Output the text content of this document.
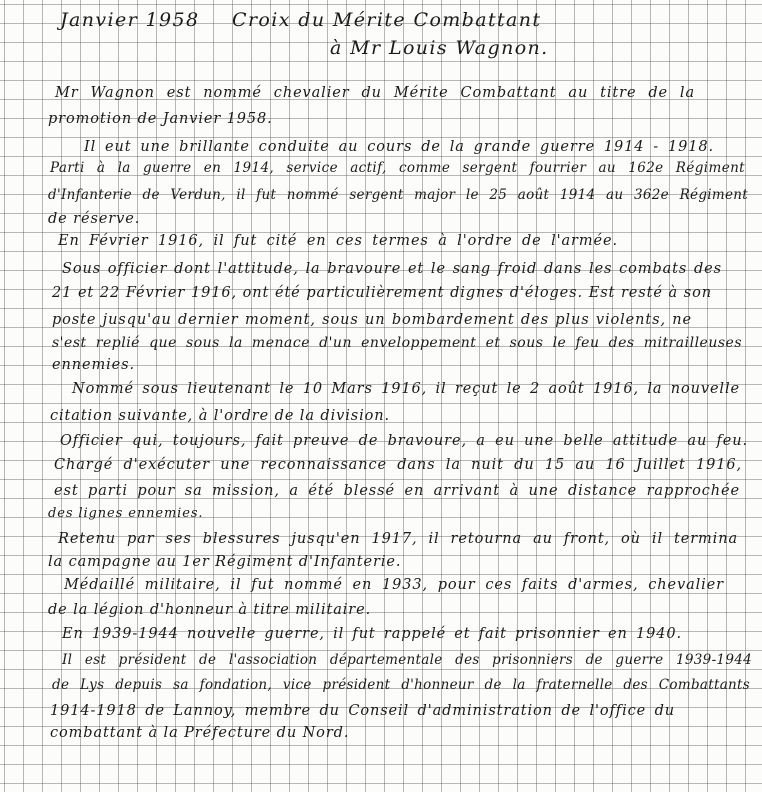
Janvier 1958 Croix du Mérite Combattant
à Mr Louis Wagnon.
Mr Wagnon est nommé chevalier du Mérite Combattant au titre de la
promotion de Janvier 1958.
Il eut une brillante conduite au cours de la grande guerre 1914 - 1918.
Parti à la guerre en 1914, service actif, comme sergent fourrier au 162e Régiment
d'Infanterie de Verdun, il fut nommé sergent major le 25 août 1914 au 362e Régiment
de réserve.
En Février 1916, il fut cité en ces termes à l'ordre de l'armée.
Sous officier dont l'attitude, la bravoure et le sang froid dans les combats des
21 et 22 Février 1916, ont été particulièrement dignes d'éloges. Est resté à son
poste jusqu'au dernier moment, sous un bombardement des plus violents, ne
s'est replié que sous la menace d'un enveloppement et sous le feu des mitrailleuses
ennemies.
Nommé sous lieutenant le 10 Mars 1916, il reçut le 2 août 1916, la nouvelle
citation suivante, à l'ordre de la division.
Officier qui, toujours, fait preuve de bravoure, a eu une belle attitude au feu.
Chargé d'exécuter une reconnaissance dans la nuit du 15 au 16 Juillet 1916,
est parti pour sa mission, a été blessé en arrivant à une distance rapprochée
des lignes ennemies.
Retenu par ses blessures jusqu'en 1917, il retourna au front, où il termina
la campagne au 1er Régiment d'Infanterie.
Médaillé militaire, il fut nommé en 1933, pour ces faits d'armes, chevalier
de la légion d'honneur à titre militaire.
En 1939-1944 nouvelle guerre, il fut rappelé et fait prisonnier en 1940.
Il est président de l'association départementale des prisonniers de guerre 1939-1944
de Lys depuis sa fondation, vice président d'honneur de la fraternelle des Combattants
1914-1918 de Lannoy, membre du Conseil d'administration de l'office du
combattant à la Préfecture du Nord.
